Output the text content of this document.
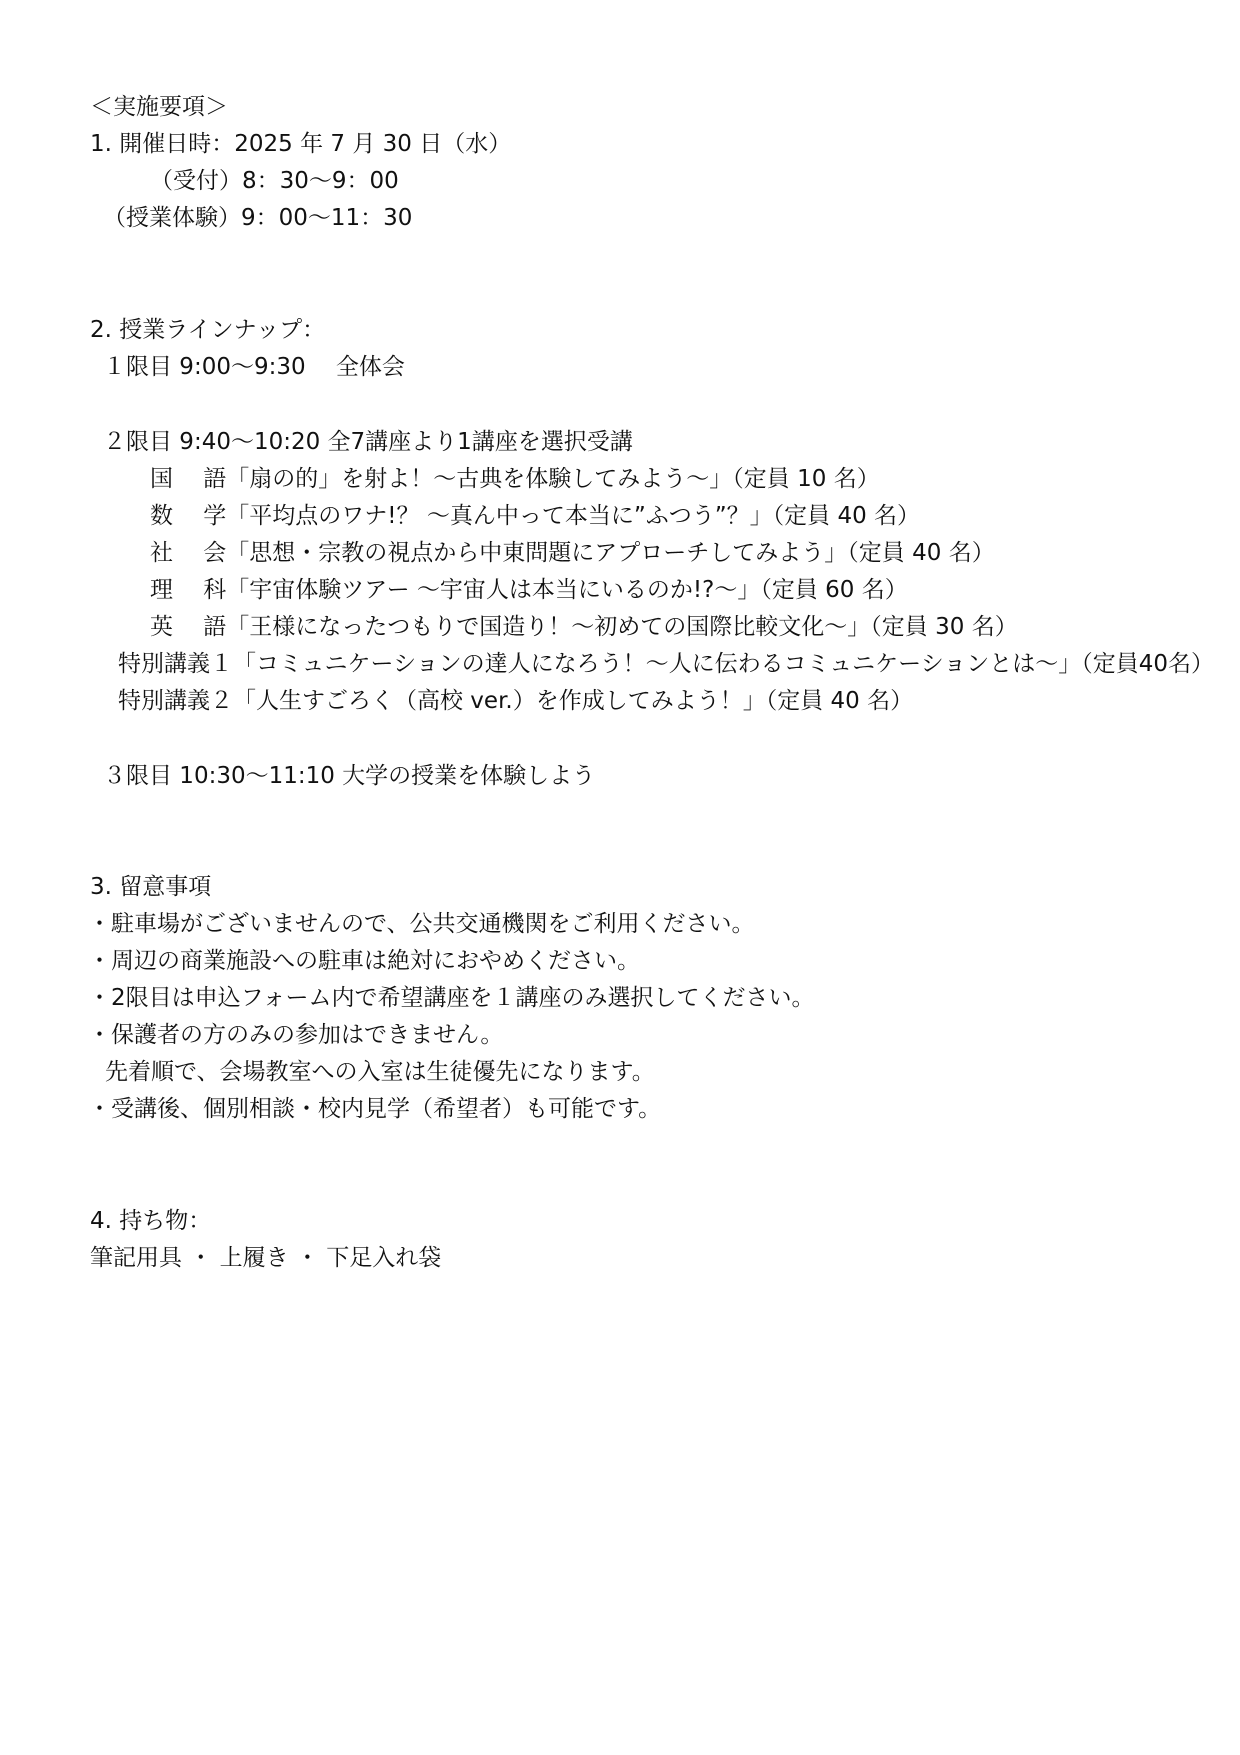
＜実施要項＞
1. 開催日時：2025 年 7 月 30 日（水）
（受付）8：30～9：00
（授業体験）9：00～11：30
2. 授業ラインナップ：
１限目 9:00～9:30　 全体会
２限目 9:40～10:20 全7講座より1講座を選択受講
国　 語「扇の的」を射よ！～古典を体験してみよう～」（定員 10 名）
数　 学「平均点のワナ!？ ～真ん中って本当に”ふつう”？」（定員 40 名）
社　 会「思想・宗教の視点から中東問題にアプローチしてみよう」（定員 40 名）
理　 科「宇宙体験ツアー ～宇宙人は本当にいるのか!?～」（定員 60 名）
英　 語「王様になったつもりで国造り！～初めての国際比較文化～」（定員 30 名）
特別講義１「コミュニケーションの達人になろう！～人に伝わるコミュニケーションとは～」（定員40名）
特別講義２「人生すごろく（高校 ver.）を作成してみよう！」（定員 40 名）
３限目 10:30～11:10 大学の授業を体験しよう
3. 留意事項
・駐車場がございませんので、公共交通機関をご利用ください。
・周辺の商業施設への駐車は絶対におやめください。
・2限目は申込フォーム内で希望講座を１講座のみ選択してください。
・保護者の方のみの参加はできません。
先着順で、会場教室への入室は生徒優先になります。
・受講後、個別相談・校内見学（希望者）も可能です。
4. 持ち物：
筆記用具 ・ 上履き ・ 下足入れ袋
